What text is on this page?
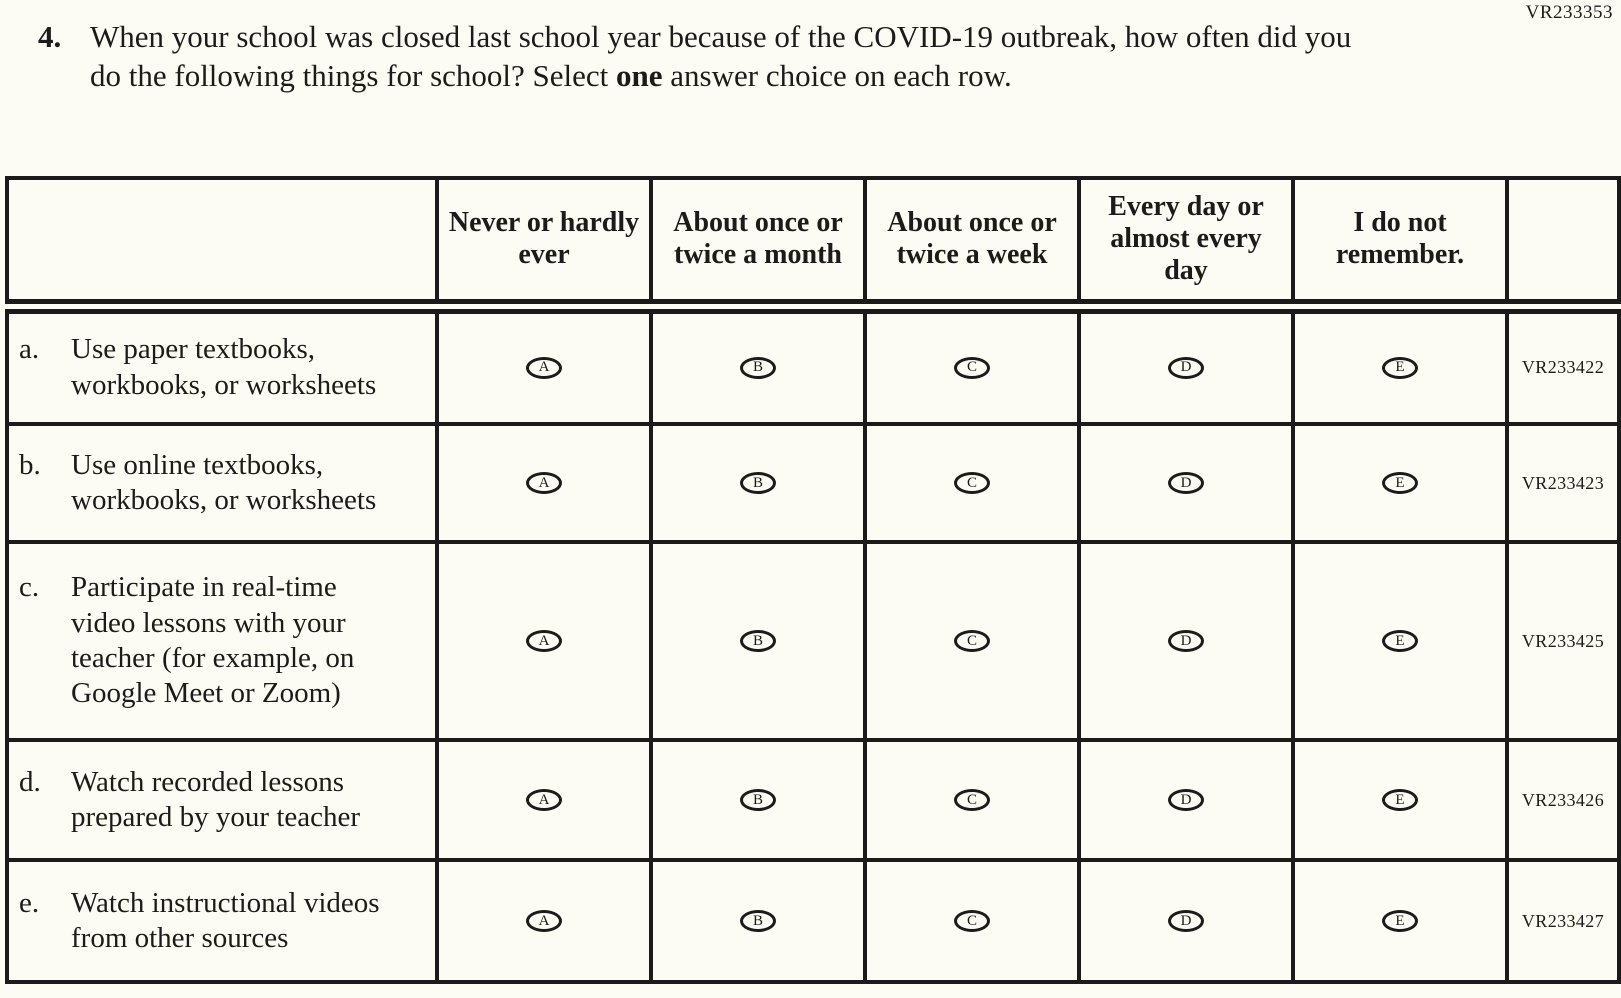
VR233353
4. When your school was closed last school year because of the COVID-19 outbreak, how often did you do the following things for school? Select one answer choice on each row.

	Never or hardly ever	About once or twice a month	About once or twice a week	Every day or almost every day	I do not remember.	

a. Use paper textbooks, workbooks, or worksheets	A	B	C	D	E	VR233422

b. Use online textbooks, workbooks, or worksheets	A	B	C	D	E	VR233423

c. Participate in real-time video lessons with your teacher (for example, on Google Meet or Zoom)	A	B	C	D	E	VR233425

d. Watch recorded lessons prepared by your teacher	A	B	C	D	E	VR233426

e. Watch instructional videos from other sources	A	B	C	D	E	VR233427
